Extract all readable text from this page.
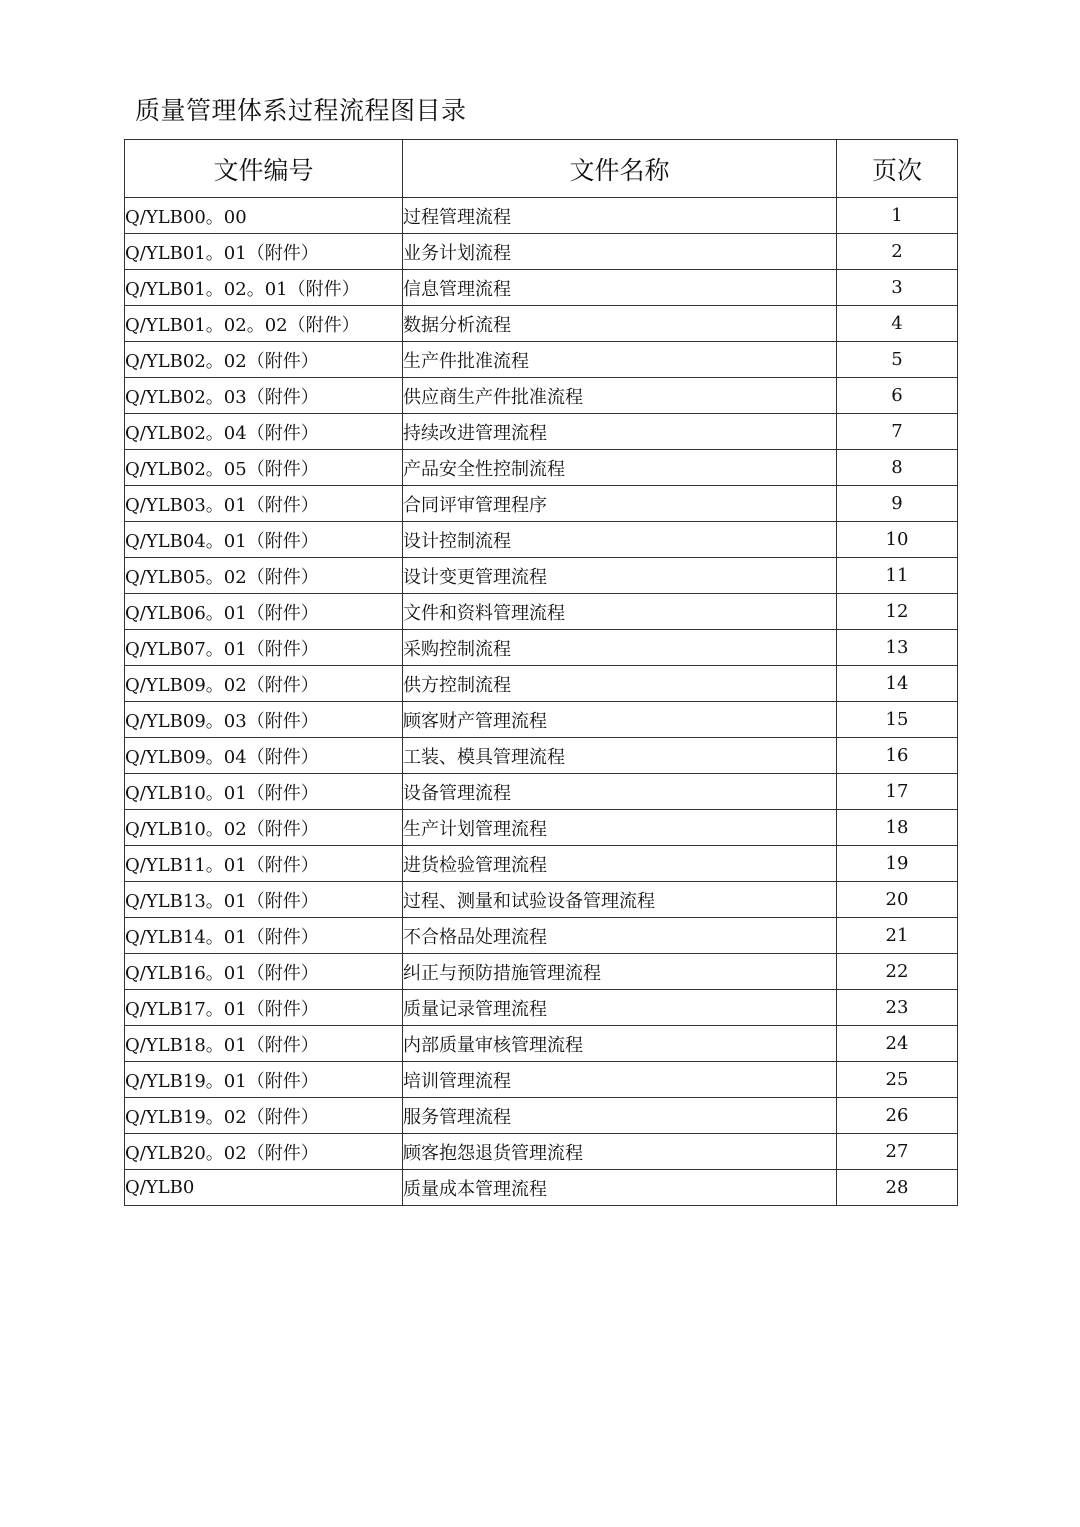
质量管理体系过程流程图目录
文件编号	文件名称	页次
Q/YLB00。00	过程管理流程	1
Q/YLB01。01（附件）	业务计划流程	2
Q/YLB01。02。01（附件）	信息管理流程	3
Q/YLB01。02。02（附件）	数据分析流程	4
Q/YLB02。02（附件）	生产件批准流程	5
Q/YLB02。03（附件）	供应商生产件批准流程	6
Q/YLB02。04（附件）	持续改进管理流程	7
Q/YLB02。05（附件）	产品安全性控制流程	8
Q/YLB03。01（附件）	合同评审管理程序	9
Q/YLB04。01（附件）	设计控制流程	10
Q/YLB05。02（附件）	设计变更管理流程	11
Q/YLB06。01（附件）	文件和资料管理流程	12
Q/YLB07。01（附件）	采购控制流程	13
Q/YLB09。02（附件）	供方控制流程	14
Q/YLB09。03（附件）	顾客财产管理流程	15
Q/YLB09。04（附件）	工装、模具管理流程	16
Q/YLB10。01（附件）	设备管理流程	17
Q/YLB10。02（附件）	生产计划管理流程	18
Q/YLB11。01（附件）	进货检验管理流程	19
Q/YLB13。01（附件）	过程、测量和试验设备管理流程	20
Q/YLB14。01（附件）	不合格品处理流程	21
Q/YLB16。01（附件）	纠正与预防措施管理流程	22
Q/YLB17。01（附件）	质量记录管理流程	23
Q/YLB18。01（附件）	内部质量审核管理流程	24
Q/YLB19。01（附件）	培训管理流程	25
Q/YLB19。02（附件）	服务管理流程	26
Q/YLB20。02（附件）	顾客抱怨退货管理流程	27
Q/YLB0	质量成本管理流程	28
